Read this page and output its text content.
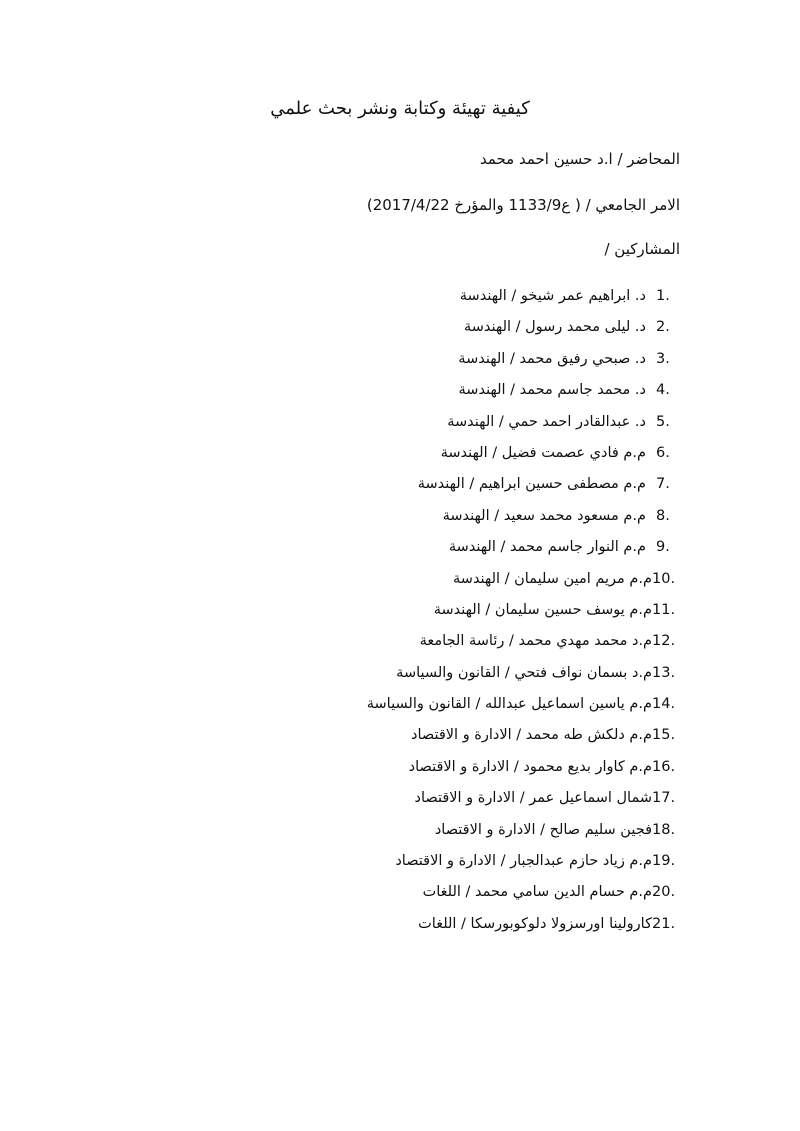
كيفية تهيئة وكتابة ونشر بحث علمي

المحاضر / ا.د حسين احمد محمد

الامر الجامعي / ( ع1133/9 والمؤرخ 2017/4/22)

المشاركين /

1.
د. ابراهيم عمر شيخو / الهندسة
2.
د. ليلى محمد رسول / الهندسة
3.
د. صبحي رفيق محمد / الهندسة
4.
د. محمد جاسم محمد / الهندسة
5.
د. عبدالقادر احمد حمي / الهندسة
6.
م.م فادي عصمت فضيل / الهندسة
7.
م.م مصطفى حسين ابراهيم / الهندسة
8.
م.م مسعود محمد سعيد / الهندسة
9.
م.م النوار جاسم محمد / الهندسة
10.
م.م مريم امين سليمان / الهندسة
11.
م.م يوسف حسين سليمان / الهندسة
12.
م.د محمد مهدي محمد / رئاسة الجامعة
13.
م.د بسمان نواف فتحي / القانون والسياسة
14.
م.م ياسين اسماعيل عبدالله / القانون والسياسة
15.
م.م دلكش طه محمد / الادارة و الاقتصاد
16.
م.م كاوار بديع محمود / الادارة و الاقتصاد
17.
شمال اسماعيل عمر / الادارة و الاقتصاد
18.
فجين سليم صالح / الادارة و الاقتصاد
19.
م.م زياد حازم عبدالجبار / الادارة و الاقتصاد
20.
م.م حسام الدين سامي محمد / اللغات
21.
كارولينا اورسزولا دلوكوبورسكا / اللغات
